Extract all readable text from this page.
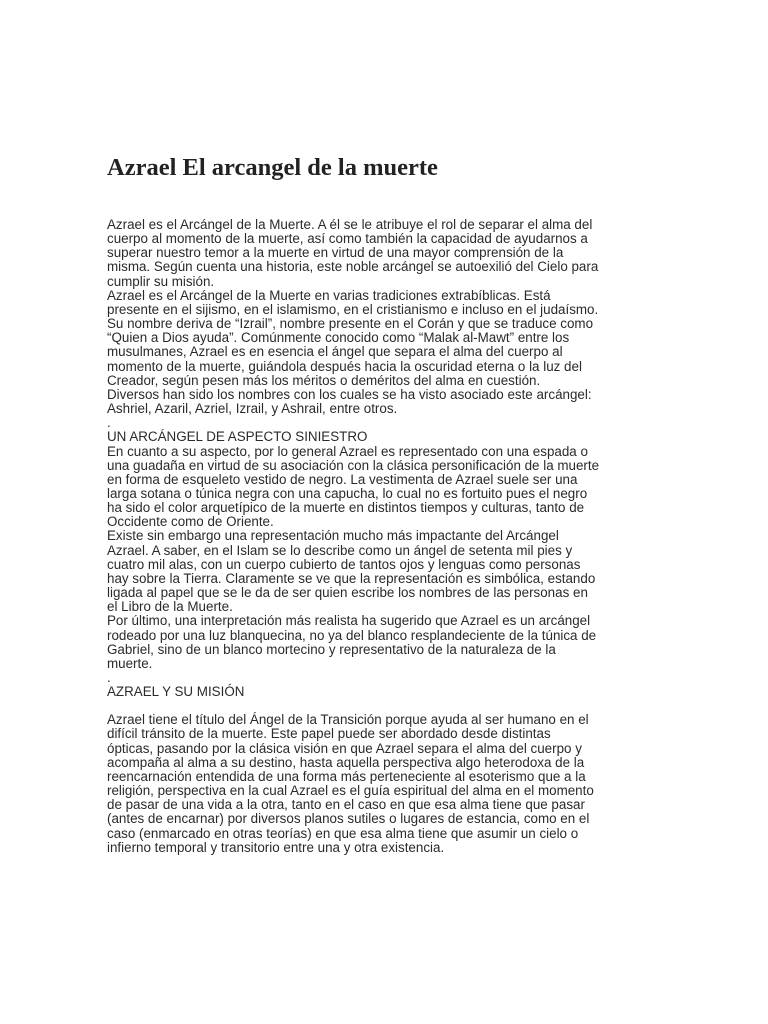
Azrael El arcangel de la muerte
Azrael es el Arcángel de la Muerte. A él se le atribuye el rol de separar el alma del
cuerpo al momento de la muerte, así como también la capacidad de ayudarnos a
superar nuestro temor a la muerte en virtud de una mayor comprensión de la
misma. Según cuenta una historia, este noble arcángel se autoexilió del Cielo para
cumplir su misión.
Azrael es el Arcángel de la Muerte en varias tradiciones extrabíblicas. Está
presente en el sijismo, en el islamismo, en el cristianismo e incluso en el judaísmo.
Su nombre deriva de “Izrail”, nombre presente en el Corán y que se traduce como
“Quien a Dios ayuda”. Comúnmente conocido como “Malak al-Mawt” entre los
musulmanes, Azrael es en esencia el ángel que separa el alma del cuerpo al
momento de la muerte, guiándola después hacia la oscuridad eterna o la luz del
Creador, según pesen más los méritos o deméritos del alma en cuestión.
Diversos han sido los nombres con los cuales se ha visto asociado este arcángel:
Ashriel, Azaril, Azriel, Izrail, y Ashrail, entre otros.
.
UN ARCÁNGEL DE ASPECTO SINIESTRO
En cuanto a su aspecto, por lo general Azrael es representado con una espada o
una guadaña en virtud de su asociación con la clásica personificación de la muerte
en forma de esqueleto vestido de negro. La vestimenta de Azrael suele ser una
larga sotana o túnica negra con una capucha, lo cual no es fortuito pues el negro
ha sido el color arquetípico de la muerte en distintos tiempos y culturas, tanto de
Occidente como de Oriente.
Existe sin embargo una representación mucho más impactante del Arcángel
Azrael. A saber, en el Islam se lo describe como un ángel de setenta mil pies y
cuatro mil alas, con un cuerpo cubierto de tantos ojos y lenguas como personas
hay sobre la Tierra. Claramente se ve que la representación es simbólica, estando
ligada al papel que se le da de ser quien escribe los nombres de las personas en
el Libro de la Muerte.
Por último, una interpretación más realista ha sugerido que Azrael es un arcángel
rodeado por una luz blanquecina, no ya del blanco resplandeciente de la túnica de
Gabriel, sino de un blanco mortecino y representativo de la naturaleza de la
muerte.
.
AZRAEL Y SU MISIÓN
Azrael tiene el título del Ángel de la Transición porque ayuda al ser humano en el
difícil tránsito de la muerte. Este papel puede ser abordado desde distintas
ópticas, pasando por la clásica visión en que Azrael separa el alma del cuerpo y
acompaña al alma a su destino, hasta aquella perspectiva algo heterodoxa de la
reencarnación entendida de una forma más perteneciente al esoterismo que a la
religión, perspectiva en la cual Azrael es el guía espiritual del alma en el momento
de pasar de una vida a la otra, tanto en el caso en que esa alma tiene que pasar
(antes de encarnar) por diversos planos sutiles o lugares de estancia, como en el
caso (enmarcado en otras teorías) en que esa alma tiene que asumir un cielo o
infierno temporal y transitorio entre una y otra existencia.
